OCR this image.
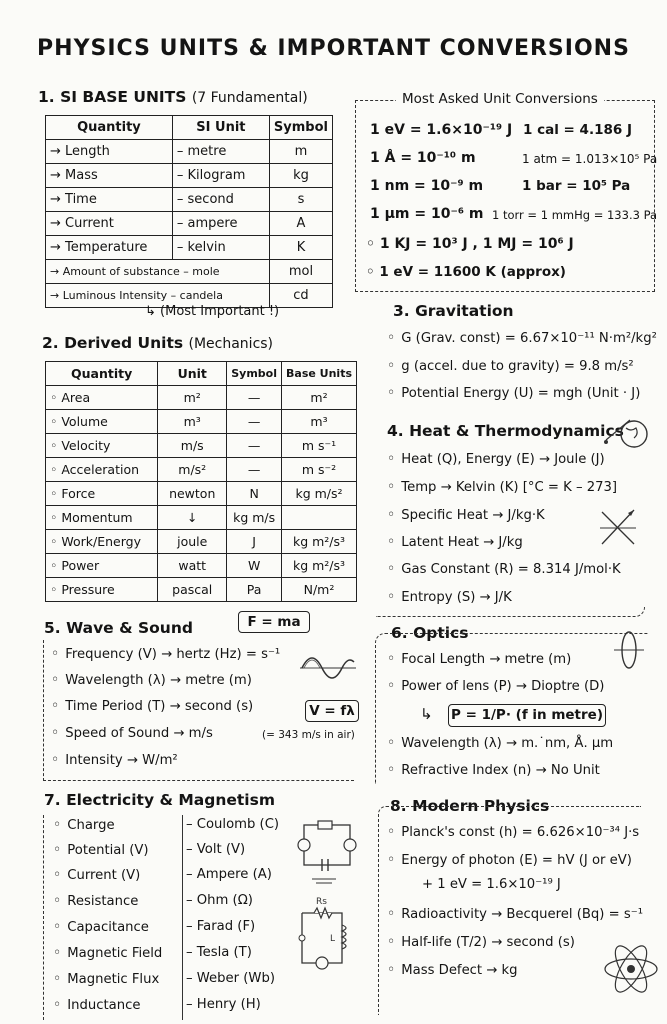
PHYSICS UNITS & IMPORTANT CONVERSIONS
1. SI BASE UNITS (7 Fundamental)
Quantity	SI Unit	Symbol
→ Length	– metre	m
→ Mass	– Kilogram	kg
→ Time	– second	s
→ Current	– ampere	A
→ Temperature	– kelvin	K
→ Amount of substance – mole		mol
→ Luminous Intensity – candela		cd
↳ (Most Important !)
Most Asked Unit Conversions
1 eV = 1.6×10⁻¹⁹ J 1 cal = 4.186 J
1 Å = 10⁻¹⁰ m	1 atm = 1.013×10⁵ Pa
1 nm = 10⁻⁹ m	1 bar = 10⁵ Pa
1 μm = 10⁻⁶ m 1 torr = 1 mmHg = 133.3 Pa
◦ 1 KJ = 10³ J , 1 MJ = 10⁶ J
◦ 1 eV = 11600 K (approx)
2. Derived Units (Mechanics)
Quantity	Unit	Symbol	Base Units
◦ Area	m²	—	m²
◦ Volume	m³	—	m³
◦ Velocity	m/s	—	m s⁻¹
◦ Acceleration	m/s²	—	m s⁻²
◦ Force	newton	N	kg m/s²
◦ Momentum	↓	kg m/s	
◦ Work/Energy	joule	J	kg m²/s³
◦ Power	watt	W	kg m²/s³
◦ Pressure	pascal	Pa	N/m²
F = ma
3. Gravitation
◦ G (Grav. const) = 6.67×10⁻¹¹ N·m²/kg²
◦ g (accel. due to gravity) = 9.8 m/s²
◦ Potential Energy (U) = mgh (Unit · J)
4. Heat & Thermodynamics
◦ Heat (Q), Energy (E) → Joule (J)
◦ Temp → Kelvin (K) [°C = K – 273]
◦ Specific Heat → J/kg·K
◦ Latent Heat → J/kg
◦ Gas Constant (R) = 8.314 J/mol·K
◦ Entropy (S) → J/K
5. Wave & Sound
◦ Frequency (V) → hertz (Hz) = s⁻¹
◦ Wavelength (λ) → metre (m)
◦ Time Period (T) → second (s)
◦ Speed of Sound → m/s	(= 343 m/s in air)
◦ Intensity → W/m²
V = fλ
6. Optics
◦ Focal Length → metre (m)
◦ Power of lens (P) → Dioptre (D)
↳ P = 1/P· (f in metre)
◦ Wavelength (λ) → m.˙nm, Å. μm
◦ Refractive Index (n) → No Unit
7. Electricity & Magnetism
◦ Charge	– Coulomb (C)
◦ Potential (V)	– Volt (V)
◦ Current (V)	– Ampere (A)
◦ Resistance	– Ohm (Ω)
◦ Capacitance	– Farad (F)
◦ Magnetic Field – Tesla (T)
◦ Magnetic Flux – Weber (Wb)
◦ Inductance	– Henry (H)
Rs
L
8. Modern Physics
◦ Planck's const (h) = 6.626×10⁻³⁴ J·s
◦ Energy of photon (E) = hV (J or eV)
+ 1 eV = 1.6×10⁻¹⁹ J
◦ Radioactivity → Becquerel (Bq) = s⁻¹
◦ Half-life (T/2) → second (s)
◦ Mass Defect → kg
